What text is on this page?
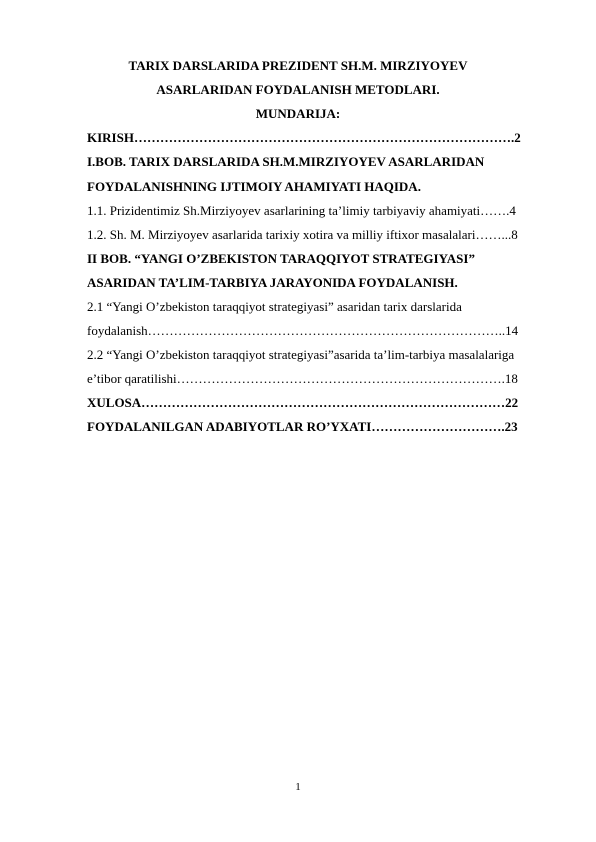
TARIX DARSLARIDA PREZIDENT SH.M. MIRZIYOYEV
ASARLARIDAN FOYDALANISH METODLARI.
MUNDARIJA:
KIRISH…………………………………………………………………………….2
I.BOB. TARIX DARSLARIDA SH.M.MIRZIYOYEV ASARLARIDAN
FOYDALANISHNING IJTIMOIY AHAMIYATI HAQIDA.
1.1. Prizidentimiz Sh.Mirziyoyev asarlarining ta’limiy tarbiyaviy ahamiyati…….4
1.2. Sh. M. Mirziyoyev asarlarida tarixiy xotira va milliy iftixor masalalari……...8
II BOB. “YANGI O’ZBEKISTON TARAQQIYOT STRATEGIYASI”
ASARIDAN TA’LIM-TARBIYA JARAYONIDA FOYDALANISH.
2.1 “Yangi O’zbekiston taraqqiyot strategiyasi” asaridan tarix darslarida
foydalanish………………………………………………………………………..14
2.2 “Yangi O’zbekiston taraqqiyot strategiyasi”asarida ta’lim-tarbiya masalalariga
e’tibor qaratilishi………………………………………………………………….18
XULOSA…………………………………………………………………………22
FOYDALANILGAN ADABIYOTLAR RO’YXATI………………………….23
1
